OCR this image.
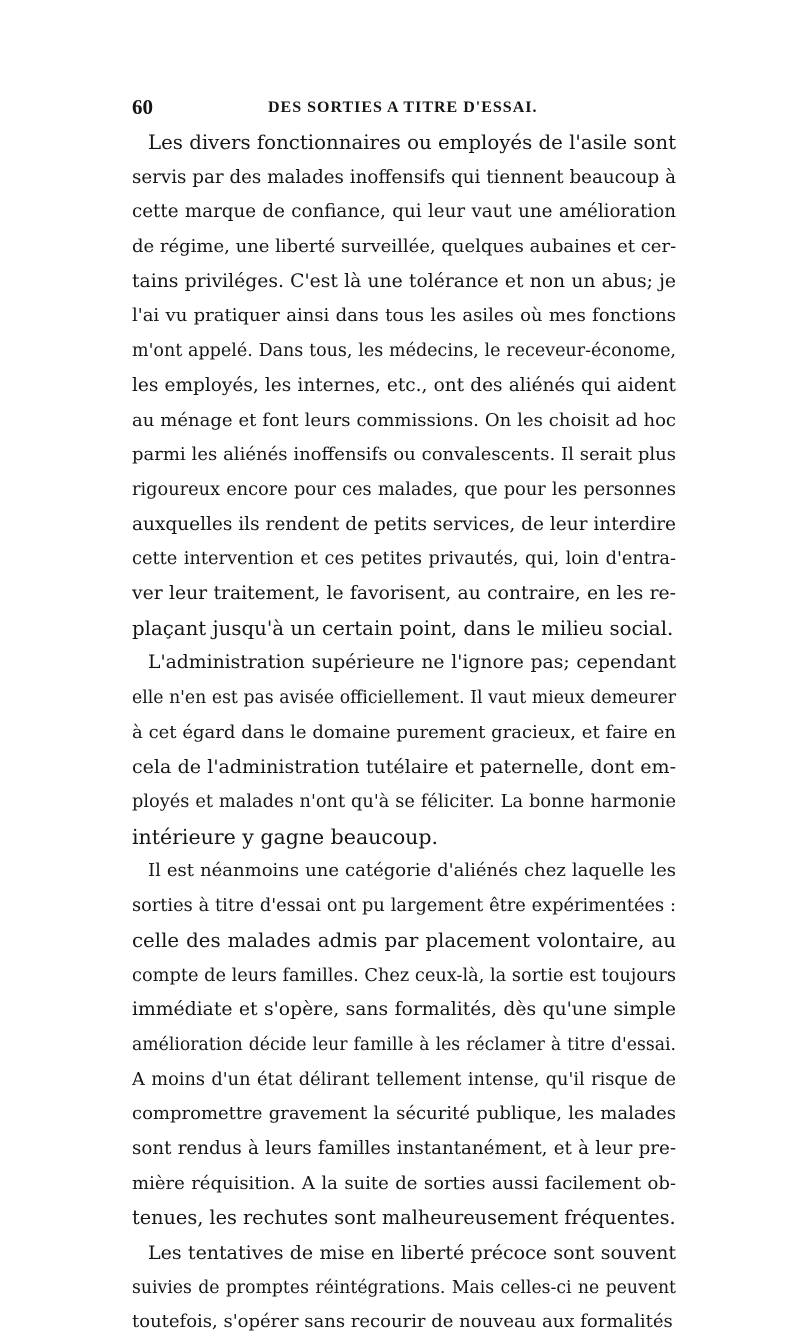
60	DES SORTIES A TITRE D'ESSAI.
Les divers fonctionnaires ou employés de l'asile sont
servis par des malades inoffensifs qui tiennent beaucoup à
cette marque de confiance, qui leur vaut une amélioration
de régime, une liberté surveillée, quelques aubaines et cer-
tains priviléges. C'est là une tolérance et non un abus; je
l'ai vu pratiquer ainsi dans tous les asiles où mes fonctions
m'ont appelé. Dans tous, les médecins, le receveur-économe,
les employés, les internes, etc., ont des aliénés qui aident
au ménage et font leurs commissions. On les choisit ad hoc
parmi les aliénés inoffensifs ou convalescents. Il serait plus
rigoureux encore pour ces malades, que pour les personnes
auxquelles ils rendent de petits services, de leur interdire
cette intervention et ces petites privautés, qui, loin d'entra-
ver leur traitement, le favorisent, au contraire, en les re-
plaçant jusqu'à un certain point, dans le milieu social.
L'administration supérieure ne l'ignore pas; cependant
elle n'en est pas avisée officiellement. Il vaut mieux demeurer
à cet égard dans le domaine purement gracieux, et faire en
cela de l'administration tutélaire et paternelle, dont em-
ployés et malades n'ont qu'à se féliciter. La bonne harmonie
intérieure y gagne beaucoup.
Il est néanmoins une catégorie d'aliénés chez laquelle les
sorties à titre d'essai ont pu largement être expérimentées :
celle des malades admis par placement volontaire, au
compte de leurs familles. Chez ceux-là, la sortie est toujours
immédiate et s'opère, sans formalités, dès qu'une simple
amélioration décide leur famille à les réclamer à titre d'essai.
A moins d'un état délirant tellement intense, qu'il risque de
compromettre gravement la sécurité publique, les malades
sont rendus à leurs familles instantanément, et à leur pre-
mière réquisition. A la suite de sorties aussi facilement ob-
tenues, les rechutes sont malheureusement fréquentes.
Les tentatives de mise en liberté précoce sont souvent
suivies de promptes réintégrations. Mais celles-ci ne peuvent
toutefois, s'opérer sans recourir de nouveau aux formalités
